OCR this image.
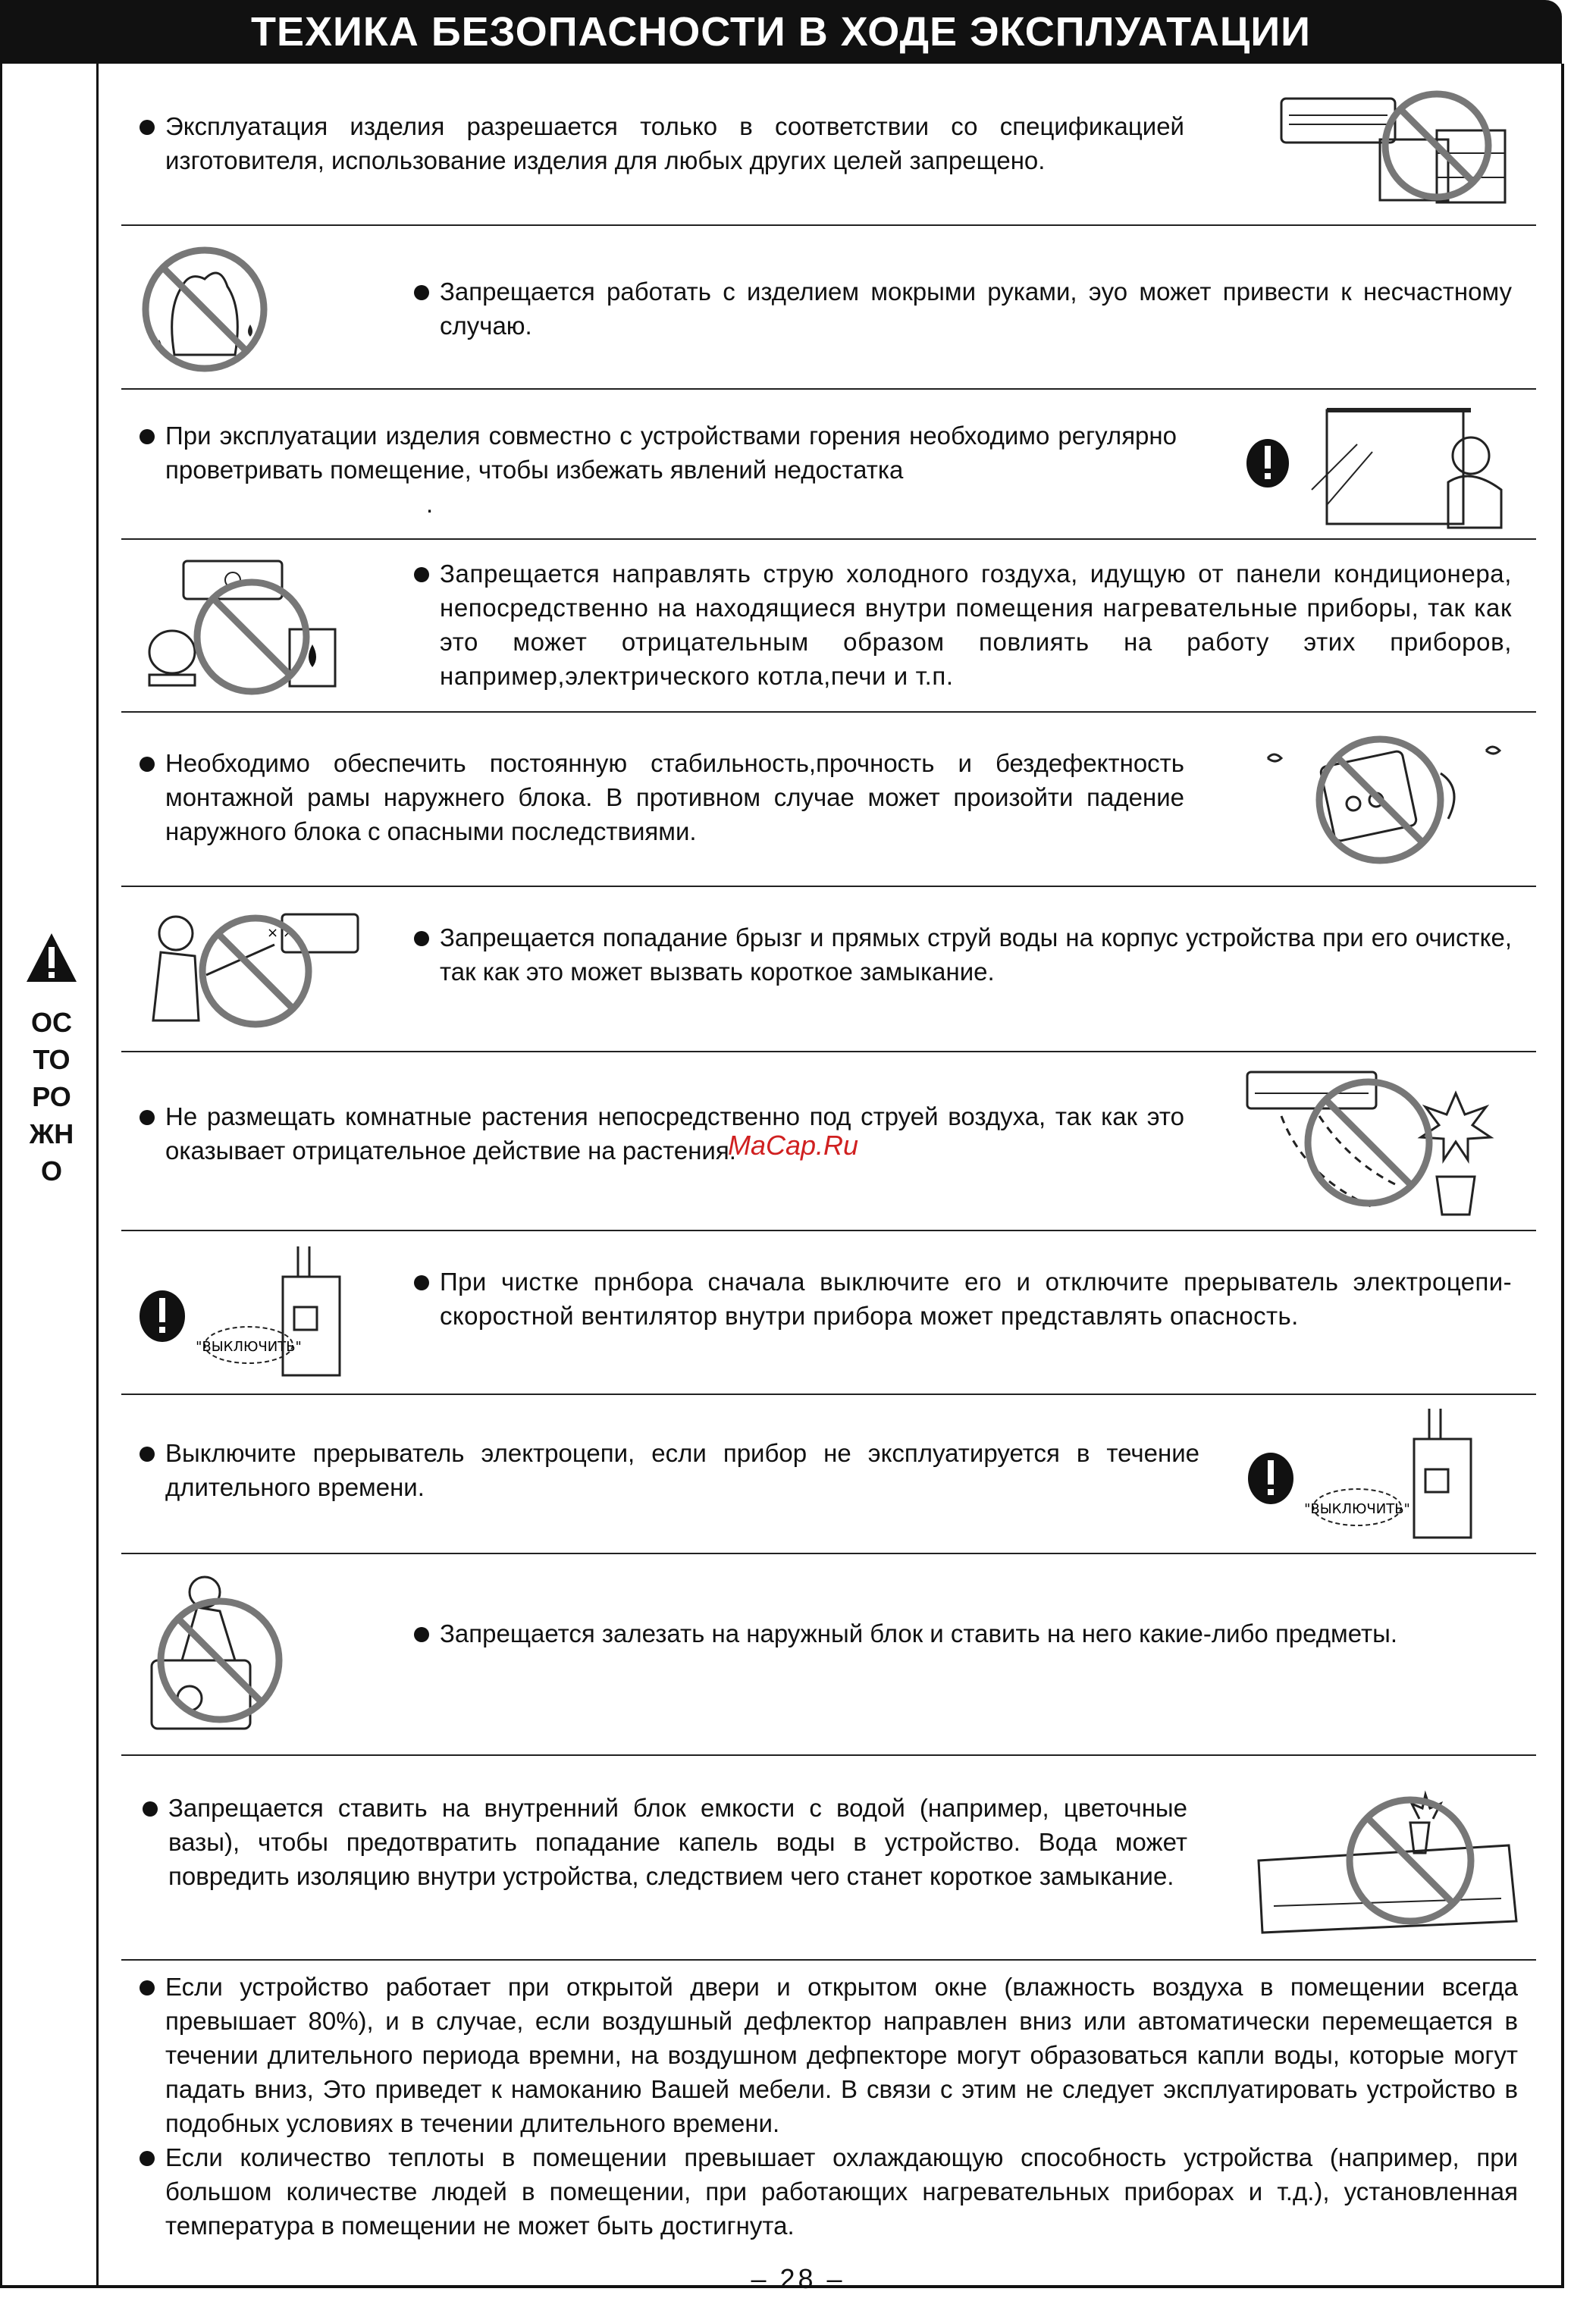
ТЕХИКА БЕЗОПАСНОСТИ В ХОДЕ ЭКСПЛУАТАЦИИ
ОСТОРОЖНО
Эксплуатация изделия разрешается только в соответствии со спецификацией изготовителя, использование изделия для любых других целей запрещено.
Запрещается работать с изделием мокрыми руками, эуо может привести к несчастному случаю.
При эксплуатации изделия совместно с устройствами горения необходимо регулярно проветривать помещение, чтобы избежать явлений недостатка
.
Запрещается направлять струю холодного гоздуха, идущую от панели кондиционера, непосредственно на находящиеся внутри помещения нагревательные приборы, так как это может отрицательным образом повлиять на работу этих приборов, например,электрического котла,печи и т.п.
Необходимо обеспечить постоянную стабильность,прочность и бездефектность монтажной рамы наружнего блока. В противном случае может произойти падение наружного блока с опасными последствиями.
× ×	Запрещается попадание брызг и прямых струй воды на корпус устройства при его очистке, так как это может вызвать короткое замыкание.
Не размещать комнатные растения непосредственно под струей воздуха, так как это оказывает отрицательное действие на растения.
"ВЫКЛЮЧИТЬ"
При чистке прнбора сначала выключите его и отключите прерыватель электроцепи-скоростной вентилятор внутри прибора может представлять опасность.
Выключите прерыватель электроцепи, если прибор не эксплуатируется в течение длительного времени.
"ВЫКЛЮЧИТЬ"
Запрещается залезать на наружный блок и ставить на него какие-либо предметы.
Запрещается ставить на внутренний блок емкости с водой (например, цветочные вазы), чтобы предотвратить попадание капель воды в устройство. Вода может повредить изоляцию внутри устройства, следствием чего станет короткое замыкание.
Если устройство работает при открытой двери и открытом окне (влажность воздуха в помещении всегда превышает 80%), и в случае, если воздушный дефлектор направлен вниз или автоматически перемещается в течении длительного периода времни, на воздушном дефпекторе могут образоваться капли воды, которые могут падать вниз, Это приведет к намоканию Вашей мебели. В связи с этим не следует эксплуатировать устройство в подобных условиях в течении длительного времени.
Если количество теплоты в помещении превышает охлаждающую способность устройства (например, при большом количестве людей в помещении, при работающих нагревательных приборах и т.д.), установленная температура в помещении не может быть достигнута.
MaCap.Ru
– 28 –
